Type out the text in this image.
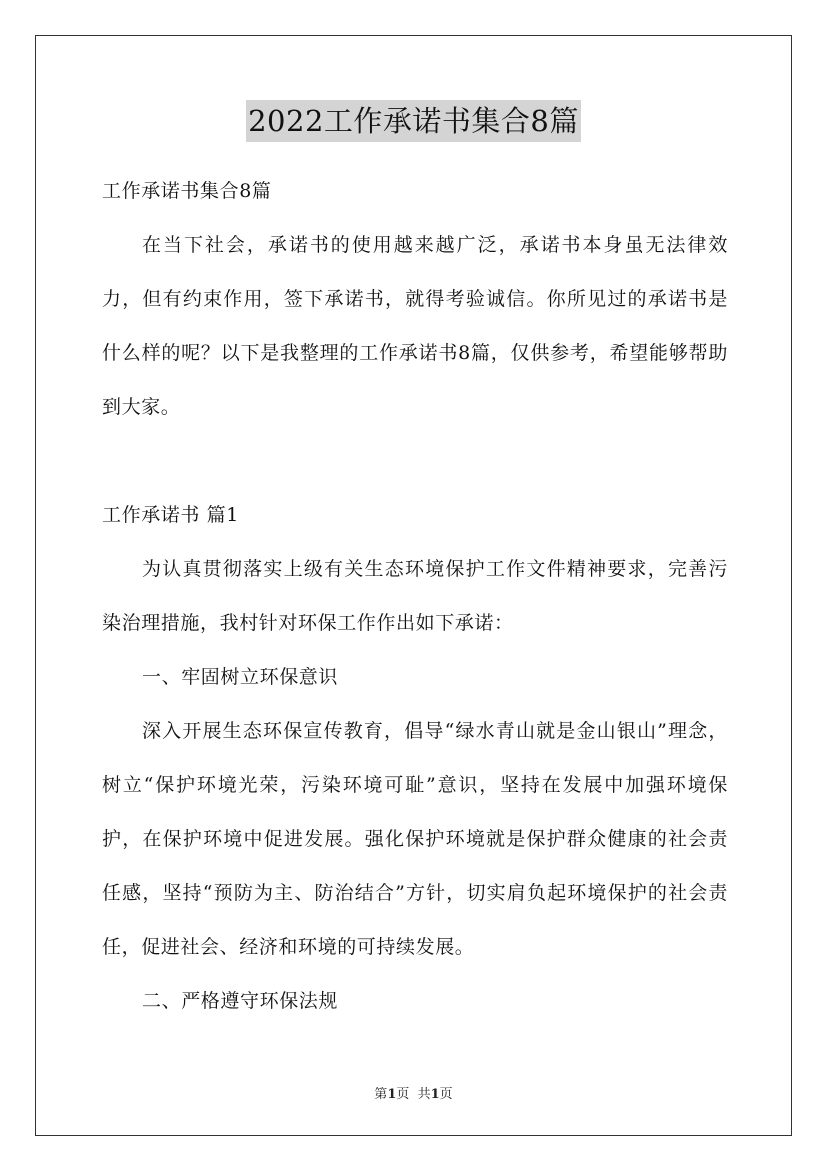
2022工作承诺书集合8篇

工作承诺书集合8篇

在当下社会，承诺书的使用越来越广泛，承诺书本身虽无法律效力，但有约束作用，签下承诺书，就得考验诚信。你所见过的承诺书是什么样的呢？以下是我整理的工作承诺书8篇，仅供参考，希望能够帮助到大家。

工作承诺书 篇1

为认真贯彻落实上级有关生态环境保护工作文件精神要求，完善污染治理措施，我村针对环保工作作出如下承诺：

一、牢固树立环保意识

深入开展生态环保宣传教育，倡导“绿水青山就是金山银山”理念，树立“保护环境光荣，污染环境可耻”意识，坚持在发展中加强环境保护，在保护环境中促进发展。强化保护环境就是保护群众健康的社会责任感，坚持“预防为主、防治结合”方针，切实肩负起环境保护的社会责任，促进社会、经济和环境的可持续发展。

二、严格遵守环保法规

第1页  共1页
